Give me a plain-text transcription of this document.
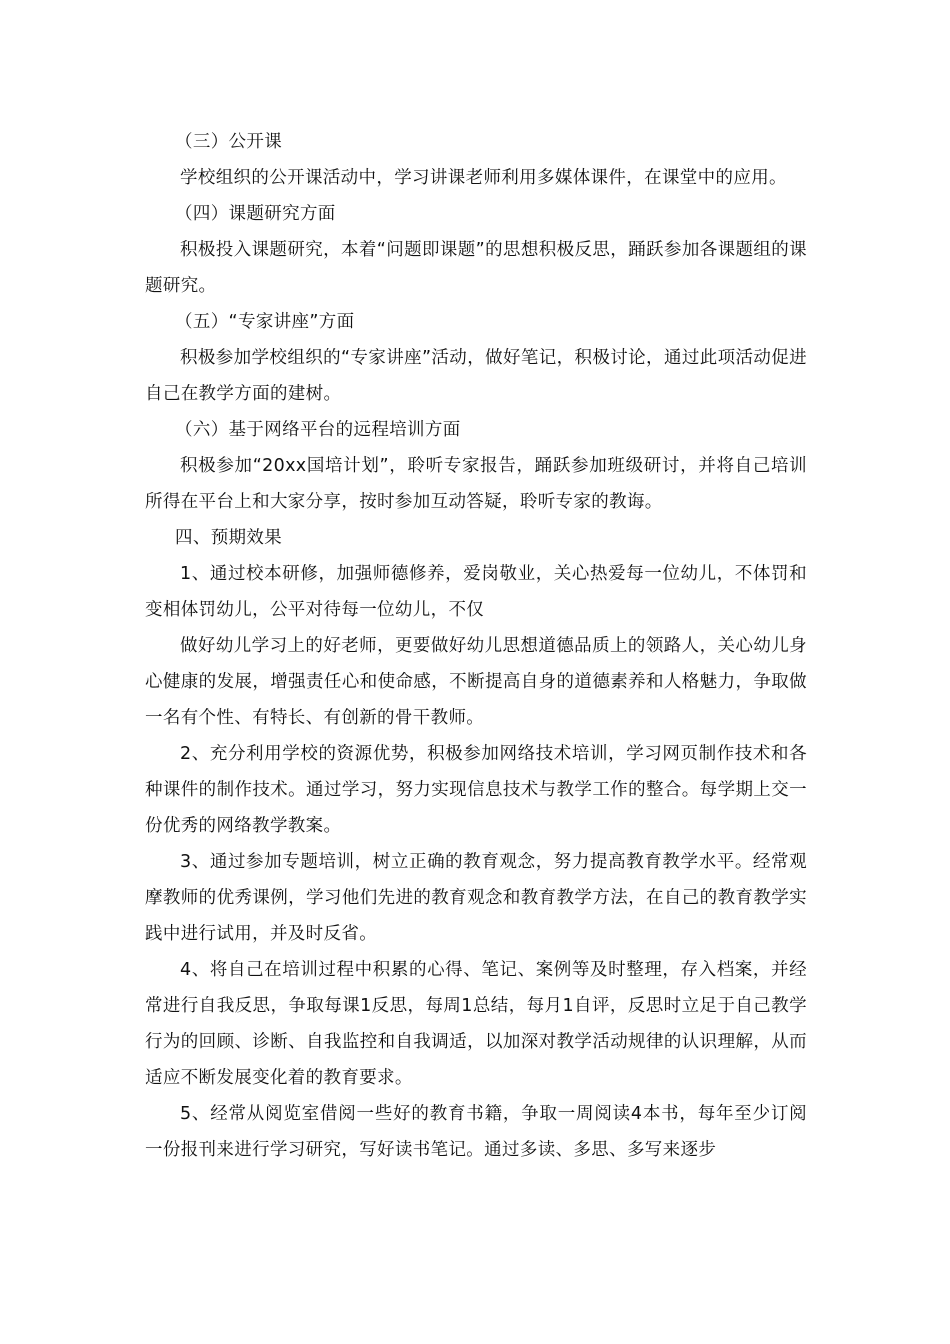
（三）公开课

学校组织的公开课活动中，学习讲课老师利用多媒体课件，在课堂中的应用。

（四）课题研究方面

积极投入课题研究，本着“问题即课题”的思想积极反思，踊跃参加各课题组的课题研究。

（五）“专家讲座”方面

积极参加学校组织的“专家讲座”活动，做好笔记，积极讨论，通过此项活动促进自己在教学方面的建树。

（六）基于网络平台的远程培训方面

积极参加“20xx国培计划”，聆听专家报告，踊跃参加班级研讨，并将自己培训所得在平台上和大家分享，按时参加互动答疑，聆听专家的教诲。

四、预期效果

1、通过校本研修，加强师德修养，爱岗敬业，关心热爱每一位幼儿，不体罚和变相体罚幼儿，公平对待每一位幼儿，不仅

做好幼儿学习上的好老师，更要做好幼儿思想道德品质上的领路人，关心幼儿身心健康的发展，增强责任心和使命感，不断提高自身的道德素养和人格魅力，争取做一名有个性、有特长、有创新的骨干教师。

2、充分利用学校的资源优势，积极参加网络技术培训，学习网页制作技术和各种课件的制作技术。通过学习，努力实现信息技术与教学工作的整合。每学期上交一份优秀的网络教学教案。

3、通过参加专题培训，树立正确的教育观念，努力提高教育教学水平。经常观摩教师的优秀课例，学习他们先进的教育观念和教育教学方法，在自己的教育教学实践中进行试用，并及时反省。

4、将自己在培训过程中积累的心得、笔记、案例等及时整理，存入档案，并经常进行自我反思，争取每课1反思，每周1总结，每月1自评，反思时立足于自己教学行为的回顾、诊断、自我监控和自我调适，以加深对教学活动规律的认识理解，从而适应不断发展变化着的教育要求。

5、经常从阅览室借阅一些好的教育书籍，争取一周阅读4本书，每年至少订阅一份报刊来进行学习研究，写好读书笔记。通过多读、多思、多写来逐步
